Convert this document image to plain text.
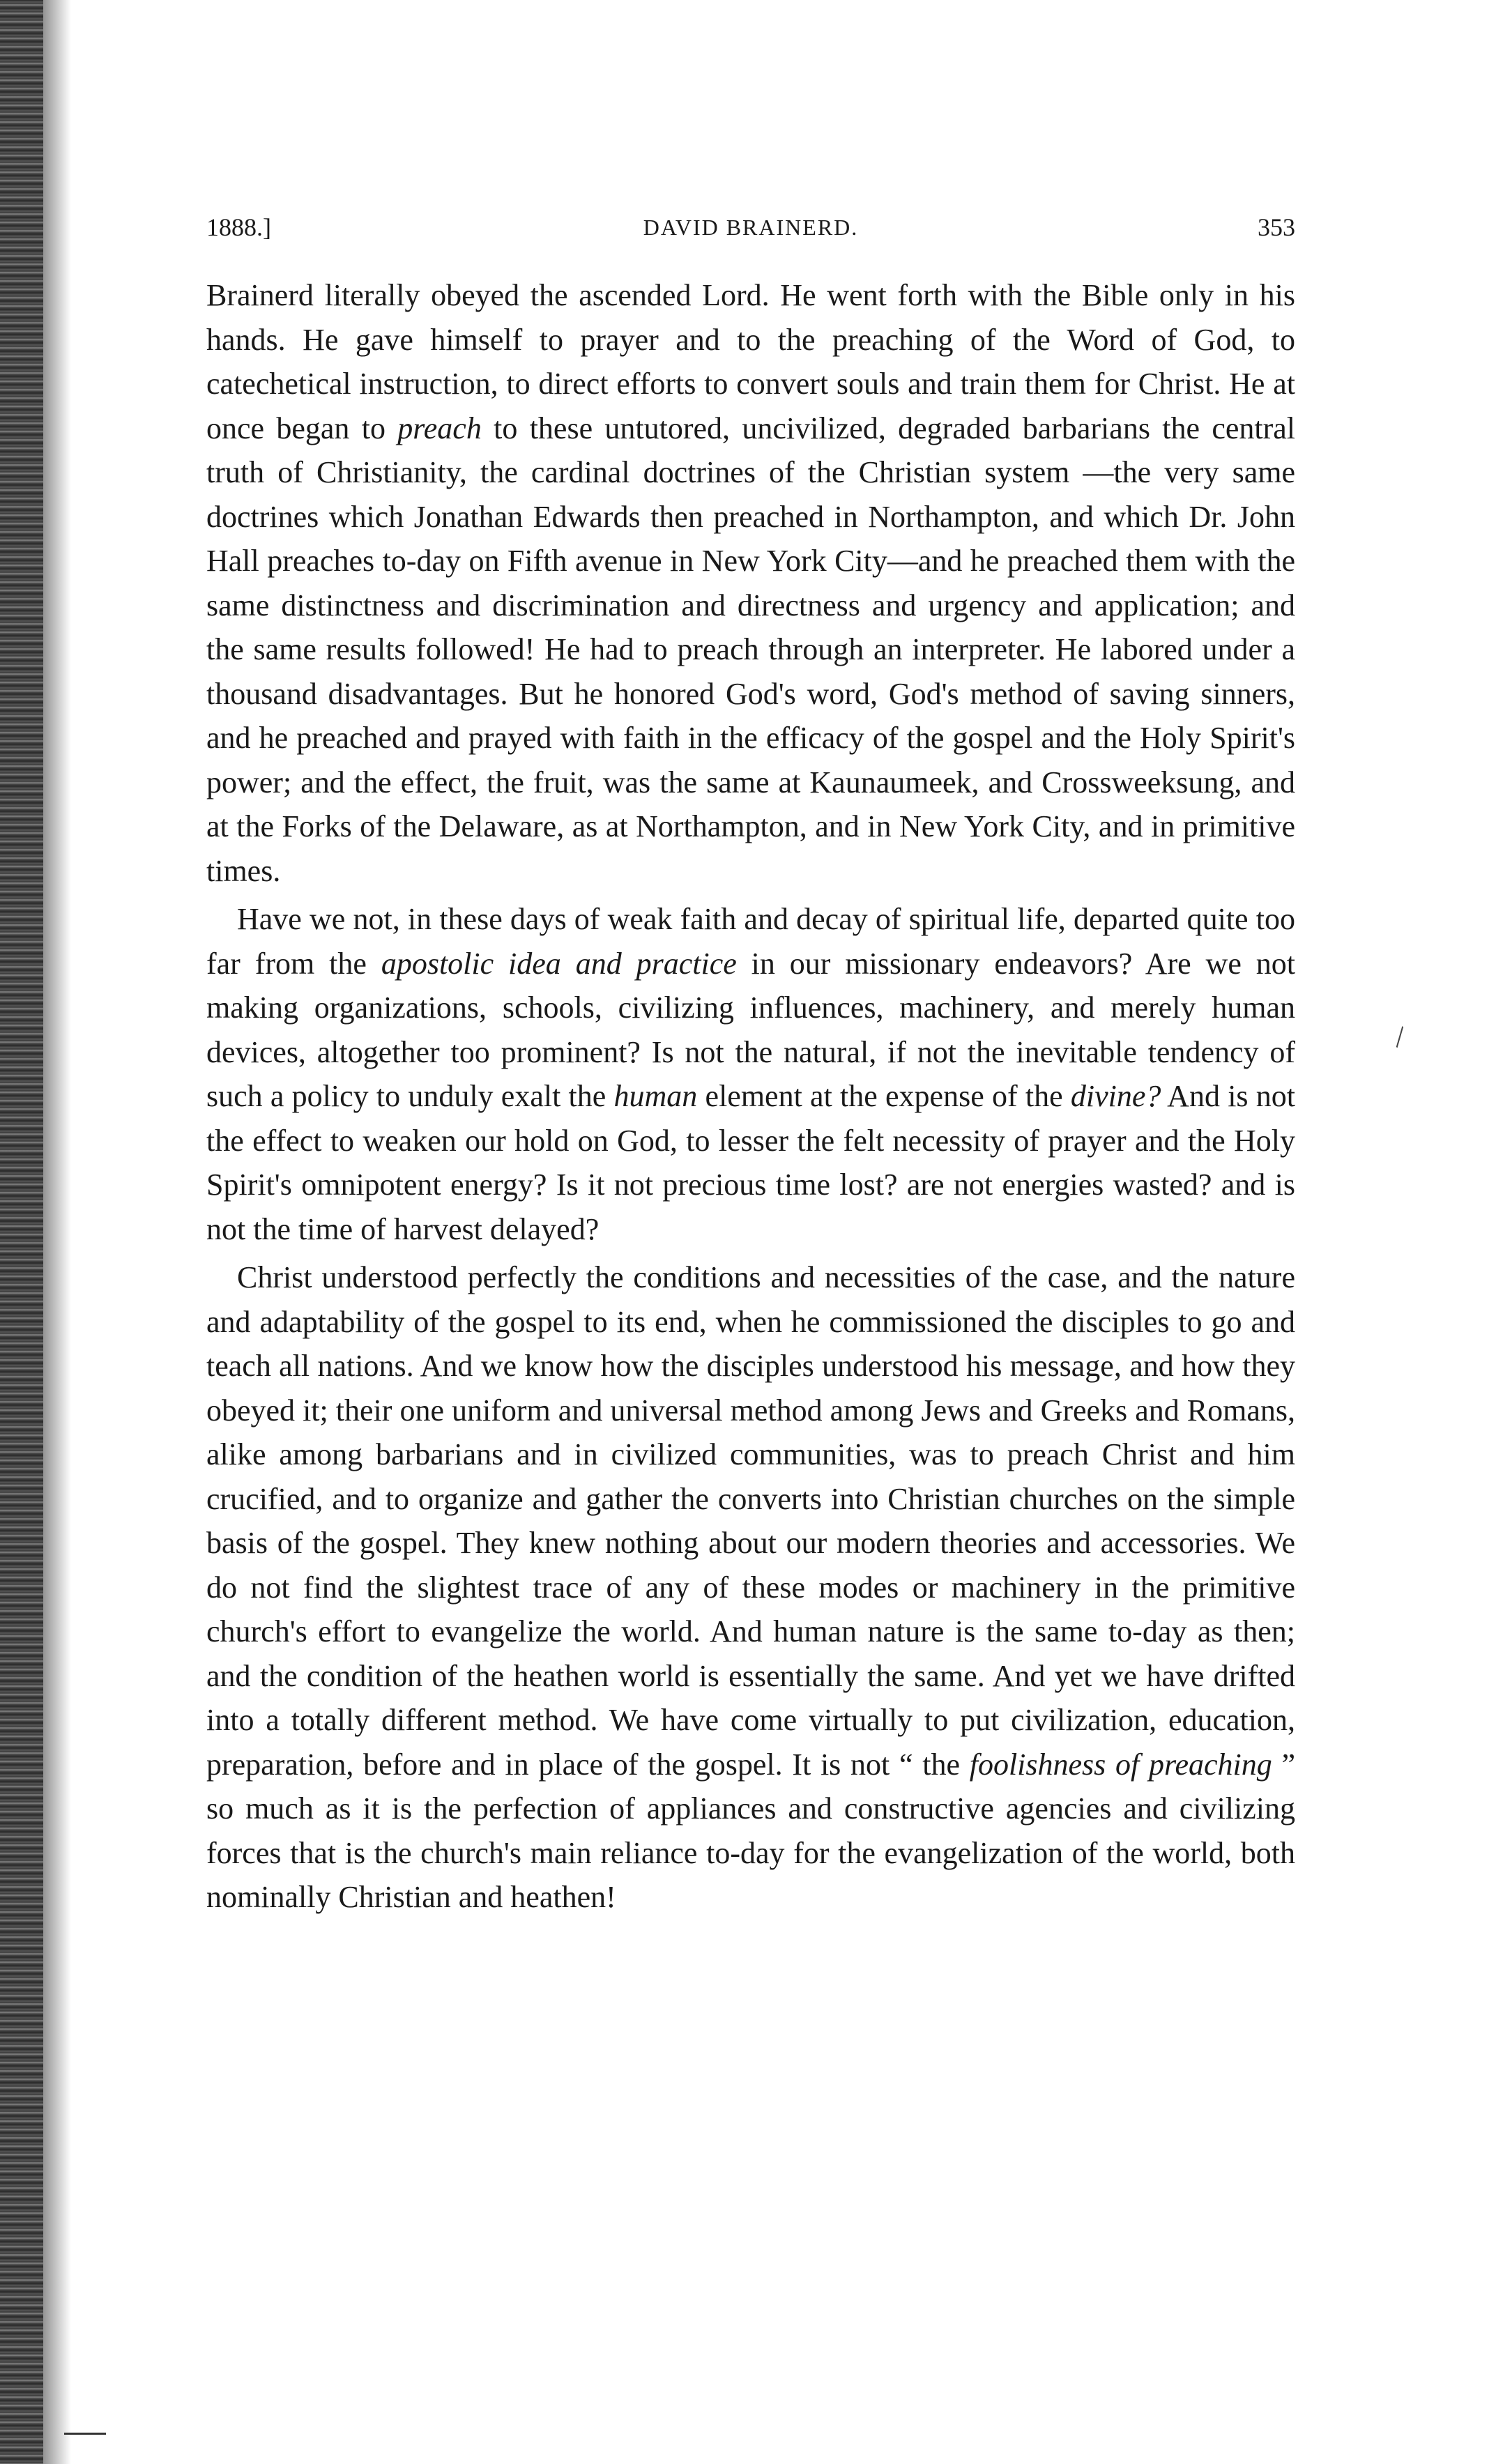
1888.]	DAVID BRAINERD.	353

Brainerd literally obeyed the ascended Lord. He went forth with the Bible only in his hands. He gave himself to prayer and to the preaching of the Word of God, to catechetical instruction, to direct efforts to convert souls and train them for Christ. He at once began to preach to these untutored, uncivilized, degraded barbarians the central truth of Christianity, the cardinal doctrines of the Christian system —the very same doctrines which Jonathan Edwards then preached in Northampton, and which Dr. John Hall preaches to-day on Fifth avenue in New York City—and he preached them with the same distinctness and discrimination and directness and urgency and application; and the same results followed! He had to preach through an interpreter. He labored under a thousand disadvantages. But he honored God's word, God's method of saving sinners, and he preached and prayed with faith in the efficacy of the gospel and the Holy Spirit's power; and the effect, the fruit, was the same at Kaunaumeek, and Crossweeksung, and at the Forks of the Delaware, as at Northampton, and in New York City, and in primitive times.

Have we not, in these days of weak faith and decay of spiritual life, departed quite too far from the apostolic idea and practice in our missionary endeavors? Are we not making organizations, schools, civilizing influences, machinery, and merely human devices, altogether too prominent? Is not the natural, if not the inevitable tendency of such a policy to unduly exalt the human element at the expense of the divine? And is not the effect to weaken our hold on God, to lesser the felt necessity of prayer and the Holy Spirit's omnipotent energy? Is it not precious time lost? are not energies wasted? and is not the time of harvest delayed?

Christ understood perfectly the conditions and necessities of the case, and the nature and adaptability of the gospel to its end, when he commissioned the disciples to go and teach all nations. And we know how the disciples understood his message, and how they obeyed it; their one uniform and universal method among Jews and Greeks and Romans, alike among barbarians and in civilized communities, was to preach Christ and him crucified, and to organize and gather the converts into Christian churches on the simple basis of the gospel. They knew nothing about our modern theories and accessories. We do not find the slightest trace of any of these modes or machinery in the primitive church's effort to evangelize the world. And human nature is the same to-day as then; and the condition of the heathen world is essentially the same. And yet we have drifted into a totally different method. We have come virtually to put civilization, education, preparation, before and in place of the gospel. It is not “ the foolishness of preaching ” so much as it is the perfection of appliances and constructive agencies and civilizing forces that is the church's main reliance to-day for the evangelization of the world, both nominally Christian and heathen!

\
